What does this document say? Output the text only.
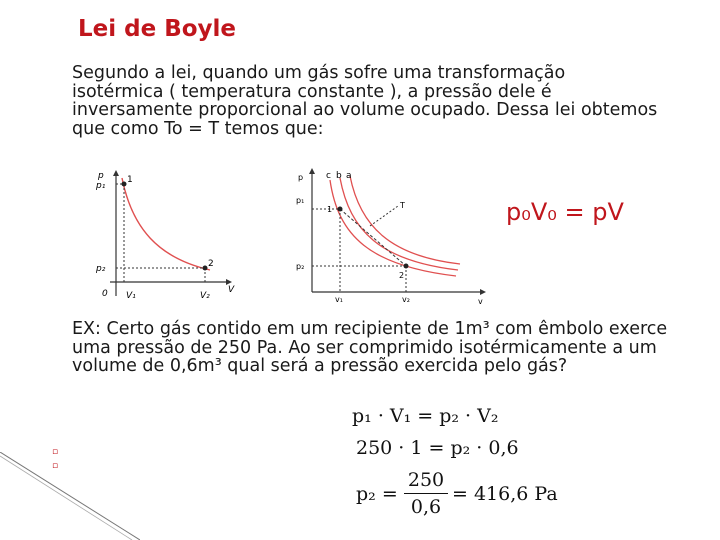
Lei de Boyle
Segundo a lei, quando um gás sofre uma transformação isotérmica ( temperatura constante ), a pressão dele é inversamente proporcional ao volume ocupado. Dessa lei obtemos que como To = T temos que:
p
p₁
p₂
0
1
2
V₁	V₂
V
p
p₁
p₂
c b a
1
2
T
v₁	v₂	v
p₀V₀ = pV
EX: Certo gás contido em um recipiente de 1m³ com êmbolo exerce uma pressão de 250 Pa. Ao ser comprimido isotérmicamente a um volume de 0,6m³ qual será a pressão exercida pelo gás?
p₁ · V₁ = p₂ · V₂
250 · 1 = p₂ · 0,6
p₂ =
250
0,6
= 416,6 Pa
▫
▫
